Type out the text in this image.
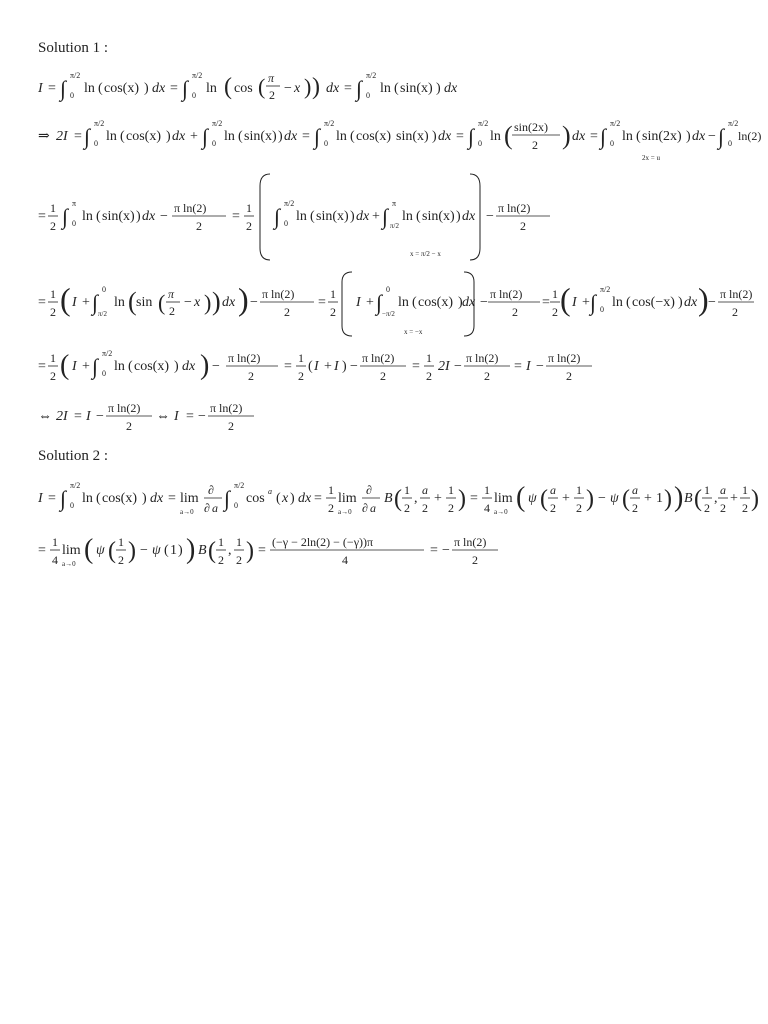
Solution 1 :
I = ∫
π/2
0 ln ( cos(x) ) dx = ∫
π/2
0 ln ( cos ( π
2 − x ) ) dx = ∫
π/2
0 ln ( sin(x) ) dx
⇒ 2I = ∫
π/2
0 ln ( cos(x) ) dx + ∫
π/2
0 ln ( sin(x) ) dx = ∫
π/2
0 ln ( cos(x) sin(x) ) dx = ∫
π/2
0 ln ( sin(2x)
2 ) dx = ∫
π/2
0 ln ( sin(2x) )
2x = u
dx − ∫
π/2
0
ln(2)
=
1
2 ∫
π
0 ln ( sin(x) ) dx −
π ln(2)
2
=
1
2 ∫
π/2
0 ln ( sin(x) ) dx + ∫
π
π/2
ln ( sin(x) )
x = π/2 − x
dx −
π ln(2)
2
=
1
2 ( I + ∫
0
π/2
ln ( sin ( π
2
− x ) ) dx ) −
π ln(2)
2
=
1
2
I + ∫
0
−π/2
ln ( cos(x) )
x = −x
dx −
π ln(2)
2
=
1
2 ( I + ∫
π/2
0 ln ( cos(−x) ) dx ) −
π ln(2)
2
=
1
2 ( I + ∫
π/2
0 ln ( cos(x) ) dx ) −
π ln(2)
2
=
1
2
( I + I ) −
π ln(2)
2
=
1
2
2I −
π ln(2)
2
= I −
π ln(2)
2
⇔ 2I = I −
π ln(2)
2
⇔ I = −
π ln(2)
2
Solution 2 :
I = ∫
π/2
0 ln ( cos(x) ) dx = lim
a→0
∂
∂ a ∫
π/2
0 cos a ( x ) dx =
1
2
lim
a→0
∂
∂ a
B ( 1
2
,
a
2
+
1
2 ) =
1
4
lim
a→0 ( ψ ( a
2
+
1
2 ) − ψ ( a
2
+ 1 ) ) B ( 1
2
,
a
2
+
1
2 )
=
1
4
lim
a→0 ( ψ ( 1
2 ) − ψ ( 1 ) ) B ( 1
2
,
1
2 ) =
(−γ − 2ln(2) − (−γ))π
4
= −
π ln(2)
2
